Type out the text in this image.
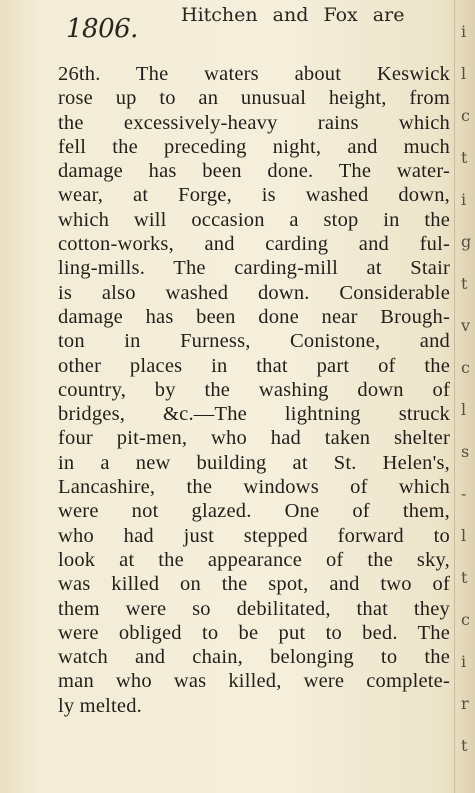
1806. Hitchen and Fox are
26th. The waters about Keswick
rose up to an unusual height, from
the excessively-heavy rains which
fell the preceding night, and much
damage has been done. The water-
wear, at Forge, is washed down,
which will occasion a stop in the
cotton-works, and carding and ful-
ling-mills. The carding-mill at Stair
is also washed down. Considerable
damage has been done near Brough-
ton in Furness, Conistone, and
other places in that part of the
country, by the washing down of
bridges, &c.—The lightning struck
four pit-men, who had taken shelter
in a new building at St. Helen's,
Lancashire, the windows of which
were not glazed. One of them,
who had just stepped forward to
look at the appearance of the sky,
was killed on the spot, and two of
them were so debilitated, that they
were obliged to be put to bed. The
watch and chain, belonging to the
man who was killed, were complete-
ly melted.
i
l
c
t
i
g
t
v
c
l
s
-
l
t
c
i
r
t
